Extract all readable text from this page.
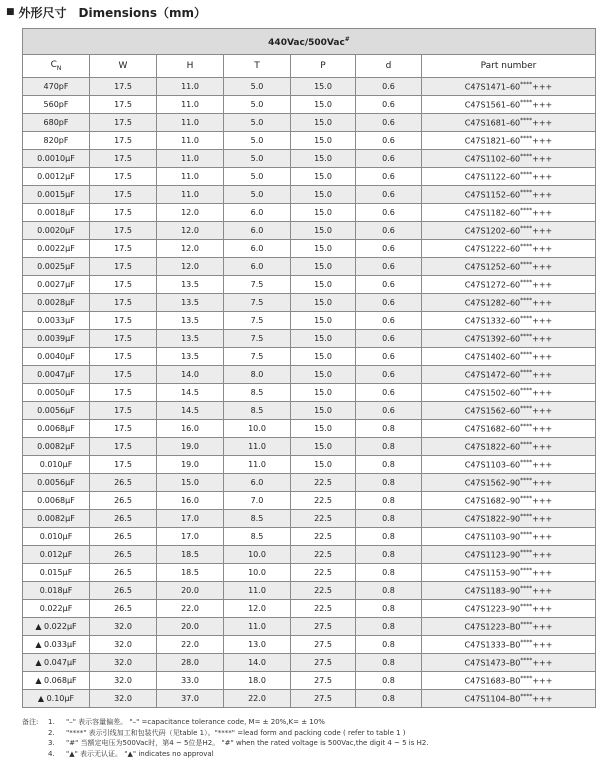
■ 外形尺寸 Dimensions（mm）
440Vac/500Vac#
$C_N$	W	H	T	P	d	Part number
470pF	17.5	11.0	5.0	15.0	0.6	C47S1471–60****+++
560pF	17.5	11.0	5.0	15.0	0.6	C47S1561–60****+++
680pF	17.5	11.0	5.0	15.0	0.6	C47S1681–60****+++
820pF	17.5	11.0	5.0	15.0	0.6	C47S1821–60****+++
0.0010μF	17.5	11.0	5.0	15.0	0.6	C47S1102–60****+++
0.0012μF	17.5	11.0	5.0	15.0	0.6	C47S1122–60****+++
0.0015μF	17.5	11.0	5.0	15.0	0.6	C47S1152–60****+++
0.0018μF	17.5	12.0	6.0	15.0	0.6	C47S1182–60****+++
0.0020μF	17.5	12.0	6.0	15.0	0.6	C47S1202–60****+++
0.0022μF	17.5	12.0	6.0	15.0	0.6	C47S1222–60****+++
0.0025μF	17.5	12.0	6.0	15.0	0.6	C47S1252–60****+++
0.0027μF	17.5	13.5	7.5	15.0	0.6	C47S1272–60****+++
0.0028μF	17.5	13.5	7.5	15.0	0.6	C47S1282–60****+++
0.0033μF	17.5	13.5	7.5	15.0	0.6	C47S1332–60****+++
0.0039μF	17.5	13.5	7.5	15.0	0.6	C47S1392–60****+++
0.0040μF	17.5	13.5	7.5	15.0	0.6	C47S1402–60****+++
0.0047μF	17.5	14.0	8.0	15.0	0.6	C47S1472–60****+++
0.0050μF	17.5	14.5	8.5	15.0	0.6	C47S1502–60****+++
0.0056μF	17.5	14.5	8.5	15.0	0.6	C47S1562–60****+++
0.0068μF	17.5	16.0	10.0	15.0	0.8	C47S1682–60****+++
0.0082μF	17.5	19.0	11.0	15.0	0.8	C47S1822–60****+++
0.010μF	17.5	19.0	11.0	15.0	0.8	C47S1103–60****+++
0.0056μF	26.5	15.0	6.0	22.5	0.8	C47S1562–90****+++
0.0068μF	26.5	16.0	7.0	22.5	0.8	C47S1682–90****+++
0.0082μF	26.5	17.0	8.5	22.5	0.8	C47S1822–90****+++
0.010μF	26.5	17.0	8.5	22.5	0.8	C47S1103–90****+++
0.012μF	26.5	18.5	10.0	22.5	0.8	C47S1123–90****+++
0.015μF	26.5	18.5	10.0	22.5	0.8	C47S1153–90****+++
0.018μF	26.5	20.0	11.0	22.5	0.8	C47S1183–90****+++
0.022μF	26.5	22.0	12.0	22.5	0.8	C47S1223–90****+++
▲ 0.022μF	32.0	20.0	11.0	27.5	0.8	C47S1223–B0****+++
▲ 0.033μF	32.0	22.0	13.0	27.5	0.8	C47S1333–B0****+++
▲ 0.047μF	32.0	28.0	14.0	27.5	0.8	C47S1473–B0****+++
▲ 0.068μF	32.0	33.0	18.0	27.5	0.8	C47S1683–B0****+++
▲ 0.10μF	32.0	37.0	22.0	27.5	0.8	C47S1104–B0****+++
备注:	1.	"–" 表示容量偏差。 "–" =capacitance tolerance code, M= ± 20%,K= ± 10%
2.	"****" 表示引线加工和包装代码（见table 1）。"****" =lead form and packing code ( refer to table 1 )
3.	"#" 当额定电压为500Vac时，第4 ~ 5位是H2。 "#" when the rated voltage is 500Vac,the digit 4 ~ 5 is H2.
4.	"▲" 表示无认证。 "▲" indicates no approval
